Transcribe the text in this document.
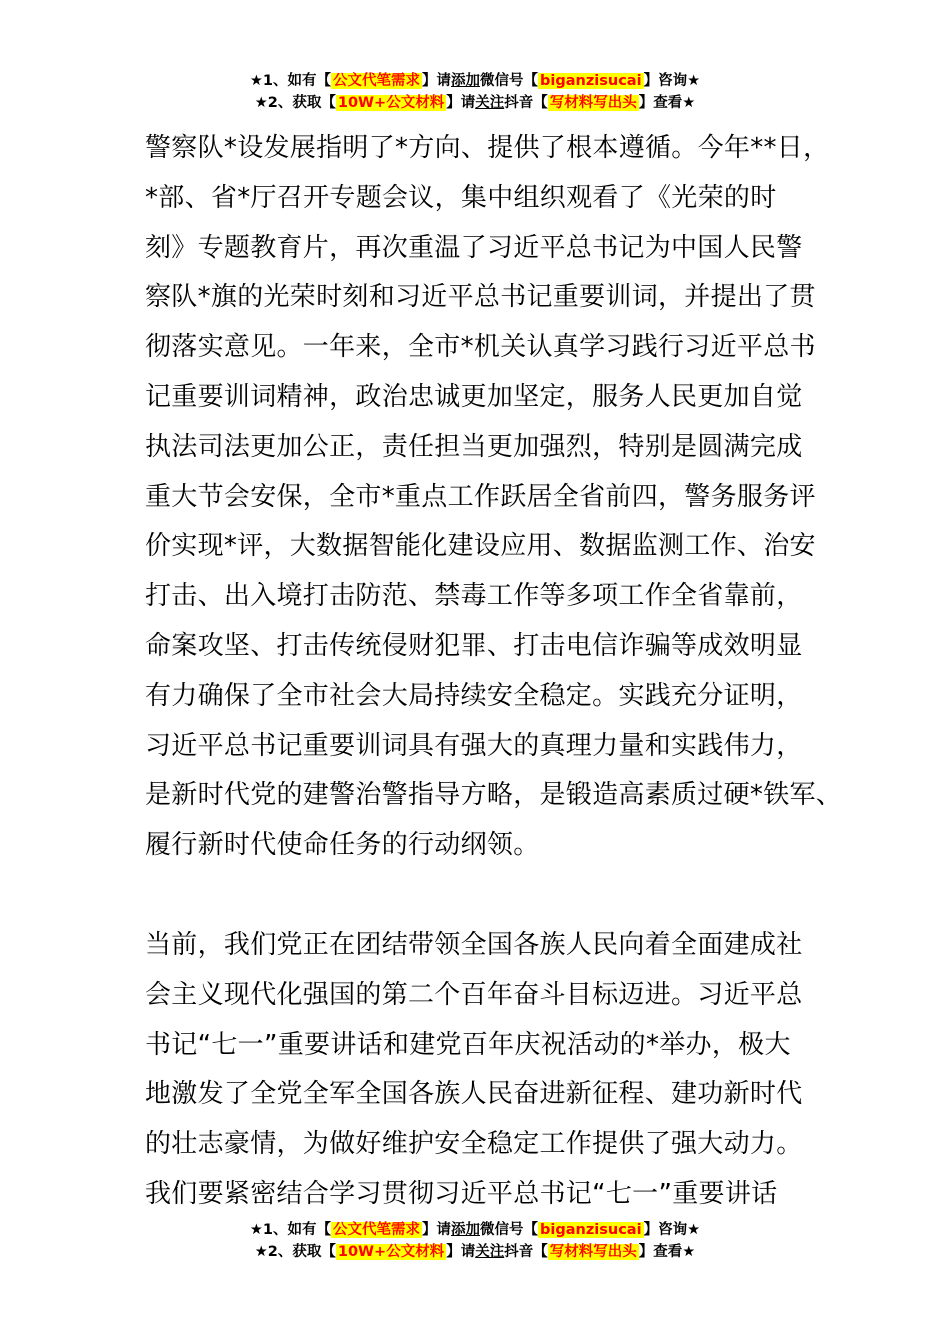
★1、如有【 公文代笔需求 】请添加微信号【 biganzisucai 】咨询★
★2、获取【 10W+公文材料 】请关注抖音【 写材料写出头 】查看★
警察队*设发展指明了*方向、提供了根本遵循。今年**日，
*部、省*厅召开专题会议，集中组织观看了《光荣的时
刻》专题教育片，再次重温了习近平总书记为中国人民警
察队*旗的光荣时刻和习近平总书记重要训词，并提出了贯
彻落实意见。一年来，全市*机关认真学习践行习近平总书
记重要训词精神，政治忠诚更加坚定，服务人民更加自觉
执法司法更加公正，责任担当更加强烈，特别是圆满完成
重大节会安保，全市*重点工作跃居全省前四，警务服务评
价实现*评，大数据智能化建设应用、数据监测工作、治安
打击、出入境打击防范、禁毒工作等多项工作全省靠前，
命案攻坚、打击传统侵财犯罪、打击电信诈骗等成效明显
有力确保了全市社会大局持续安全稳定。实践充分证明，
习近平总书记重要训词具有强大的真理力量和实践伟力，
是新时代党的建警治警指导方略，是锻造高素质过硬*铁军、
履行新时代使命任务的行动纲领。
当前，我们党正在团结带领全国各族人民向着全面建成社
会主义现代化强国的第二个百年奋斗目标迈进。习近平总
书记“七一”重要讲话和建党百年庆祝活动的*举办，极大
地激发了全党全军全国各族人民奋进新征程、建功新时代
的壮志豪情，为做好维护安全稳定工作提供了强大动力。
我们要紧密结合学习贯彻习近平总书记“七一”重要讲话
★1、如有【 公文代笔需求 】请添加微信号【 biganzisucai 】咨询★
★2、获取【 10W+公文材料 】请关注抖音【 写材料写出头 】查看★
